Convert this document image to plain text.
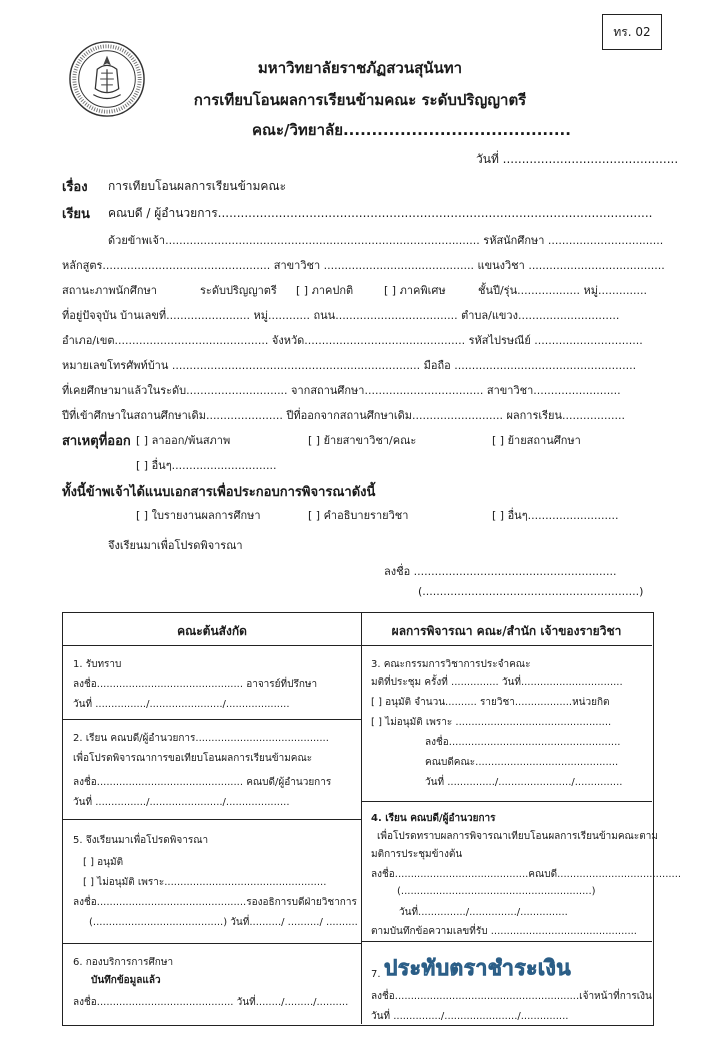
ทร. 02
มหาวิทยาลัยราชภัฏสวนสุนันทา
การเทียบโอนผลการเรียนข้ามคณะ ระดับปริญญาตรี
คณะ/วิทยาลัย........................................
วันที่ ..............................................
เรื่อง การเทียบโอนผลการเรียนข้ามคณะ
เรียน คณบดี / ผู้อำนวยการ..................................................................................................................
ด้วยข้าพเจ้า.......................................................................................... รหัสนักศึกษา .................................
หลักสูตร................................................ สาขาวิชา ........................................... แขนงวิชา .......................................
สถานะภาพนักศึกษา	ระดับปริญญาตรี [ ] ภาคปกติ	[ ] ภาคพิเศษ	ชั้นปี/รุ่น.................. หมู่..............
ที่อยู่ปัจจุบัน บ้านเลขที่........................ หมู่............ ถนน................................... ตำบล/แขวง.............................
อำเภอ/เขต............................................ จังหวัด.............................................. รหัสไปรษณีย์ ...............................
หมายเลขโทรศัพท์บ้าน ....................................................................... มือถือ ....................................................
ที่เคยศึกษามาแล้วในระดับ............................. จากสถานศึกษา.................................. สาขาวิชา.........................
ปีที่เข้าศึกษาในสถานศึกษาเดิม...................... ปีที่ออกจากสถานศึกษาเดิม.......................... ผลการเรียน..................
สาเหตุที่ออก [ ] ลาออก/พ้นสภาพ	[ ] ย้ายสาขาวิชา/คณะ	[ ] ย้ายสถานศึกษา
[ ] อื่นๆ..............................
ทั้งนี้ข้าพเจ้าได้แนบเอกสารเพื่อประกอบการพิจารณาดังนี้
[ ] ใบรายงานผลการศึกษา	[ ] คำอธิบายรายวิชา	[ ] อื่นๆ..........................
จึงเรียนมาเพื่อโปรดพิจารณา
ลงชื่อ ..........................................................
(..............................................................)
คณะต้นสังกัด	ผลการพิจารณา คณะ/สำนัก เจ้าของรายวิชา
1. รับทราบ
ลงชื่อ.............................................. อาจารย์ที่ปรึกษา
วันที่ ................/......................./....................
2. เรียน คณบดี/ผู้อำนวยการ..........................................
เพื่อโปรดพิจารณาการขอเทียบโอนผลการเรียนข้ามคณะ
ลงชื่อ.............................................. คณบดี/ผู้อำนวยการ
วันที่ ................/......................./....................
5. จึงเรียนมาเพื่อโปรดพิจารณา
[ ] อนุมัติ
[ ] ไม่อนุมัติ เพราะ...................................................
ลงชื่อ...............................................รองอธิการบดีฝ่ายวิชาการ
(.........................................) วันที่........../ ........../ ..........
6. กองบริการการศึกษา
บันทึกข้อมูลแล้ว
ลงชื่อ........................................... วันที่......../........./..........
3. คณะกรรมการวิชาการประจำคณะ
มติที่ประชุม ครั้งที่ ............... วันที่................................
[ ] อนุมัติ จำนวน.......... รายวิชา..................หน่วยกิต
[ ] ไม่อนุมัติ เพราะ .................................................
ลงชื่อ......................................................
คณบดีคณะ.............................................
วันที่ .............../......................./...............
4. เรียน คณบดี/ผู้อำนวยการ
เพื่อโปรดทราบผลการพิจารณาเทียบโอนผลการเรียนข้ามคณะตาม
มติการประชุมข้างต้น
ลงชื่อ..........................................คณบดี.......................................
(............................................................)
วันที่.............../.............../...............
ตามบันทึกข้อความเลขที่รับ ..............................................
7.
ลงชื่อ..........................................................เจ้าหน้าที่การเงิน
วันที่ .............../......................./...............
ประทับตราชำระเงิน
